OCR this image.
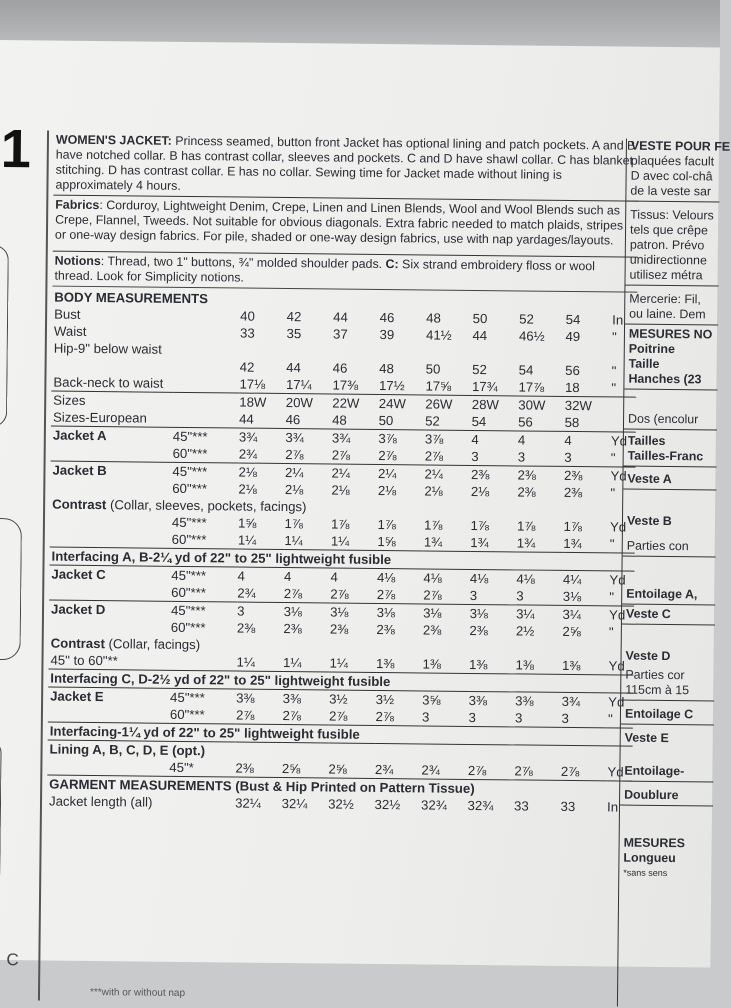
1
C

WOMEN'S JACKET: Princess seamed, button front Jacket has optional lining and patch pockets. A and B have notched collar. B has contrast collar, sleeves and pockets. C and D have shawl collar. C has blanket stitching. D has contrast collar. E has no collar. Sewing time for Jacket made without lining is approximately 4 hours.

Fabrics: Corduroy, Lightweight Denim, Crepe, Linen and Linen Blends, Wool and Wool Blends such as Crepe, Flannel, Tweeds. Not suitable for obvious diagonals. Extra fabric needed to match plaids, stripes or one-way design fabrics. For pile, shaded or one-way design fabrics, use with nap yardages/layouts.

Notions: Thread, two 1" buttons, ¾" molded shoulder pads. C: Six strand embroidery floss or wool thread. Look for Simplicity notions.

BODY MEASUREMENTS										
Bust		40	42	44	46	48	50	52	54	In
Waist		33	35	37	39	41½	44	46½	49	"
Hip-9" below waist										
		42	44	46	48	50	52	54	56	"
Back-neck to waist		17⅛	17¼	17⅜	17½	17⅝	17¾	17⅞	18	"
Sizes		18W	20W	22W	24W	26W	28W	30W	32W	
Sizes-European		44	46	48	50	52	54	56	58	
Jacket A	45"***	3¾	3¾	3¾	3⅞	3⅞	4	4	4	Yd
	60"***	2¾	2⅞	2⅞	2⅞	2⅞	3	3	3	"
Jacket B	45"***	2⅛	2¼	2¼	2¼	2¼	2⅜	2⅜	2⅜	Yd
	60"***	2⅛	2⅛	2⅛	2⅛	2⅛	2⅛	2⅜	2⅜	"
Contrast (Collar, sleeves, pockets, facings)										
	45"***	1⅝	1⅞	1⅞	1⅞	1⅞	1⅞	1⅞	1⅞	Yd
	60"***	1¼	1¼	1¼	1⅝	1¾	1¾	1¾	1¾	"
Interfacing A, B-2¼ yd of 22" to 25" lightweight fusible										
Jacket C	45"***	4	4	4	4⅛	4⅛	4⅛	4⅛	4¼	Yd
	60"***	2¾	2⅞	2⅞	2⅞	2⅞	3	3	3⅛	"
Jacket D	45"***	3	3⅛	3⅛	3⅛	3⅛	3⅛	3¼	3¼	Yd
	60"***	2⅜	2⅜	2⅜	2⅜	2⅜	2⅜	2½	2⅝	"
Contrast (Collar, facings)										
45" to 60"**		1¼	1¼	1¼	1⅜	1⅜	1⅜	1⅜	1⅜	Yd
Interfacing C, D-2½ yd of 22" to 25" lightweight fusible										
Jacket E	45"***	3⅜	3⅜	3½	3½	3⅝	3⅜	3⅜	3¾	Yd
	60"***	2⅞	2⅞	2⅞	2⅞	3	3	3	3	"
Interfacing-1¼ yd of 22" to 25" lightweight fusible										
Lining A, B, C, D, E (opt.)										
	45"*	2⅜	2⅝	2⅝	2¾	2¾	2⅞	2⅞	2⅞	Yd
GARMENT MEASUREMENTS (Bust & Hip Printed on Pattern Tissue)										
Jacket length (all)		32¼	32¼	32½	32½	32¾	32¾	33	33	In
VESTE POUR FE
plaquées facult
D avec col-châ
de la veste sar
Tissus: Velours
tels que crêpe
patron. Prévo
unidirectionne
utilisez métra
Mercerie: Fil,
ou laine. Dem
MESURES NO
Poitrine
Taille
Hanches (23
Dos (encolur
Tailles
Tailles-Franc
Veste A
Veste B
Parties con
Entoilage A,
Veste C
Veste D
Parties cor
115cm à 15
Entoilage C
Veste E
Entoilage-
Doublure
MESURES
Longueu
*sans sens
***with or without nap
